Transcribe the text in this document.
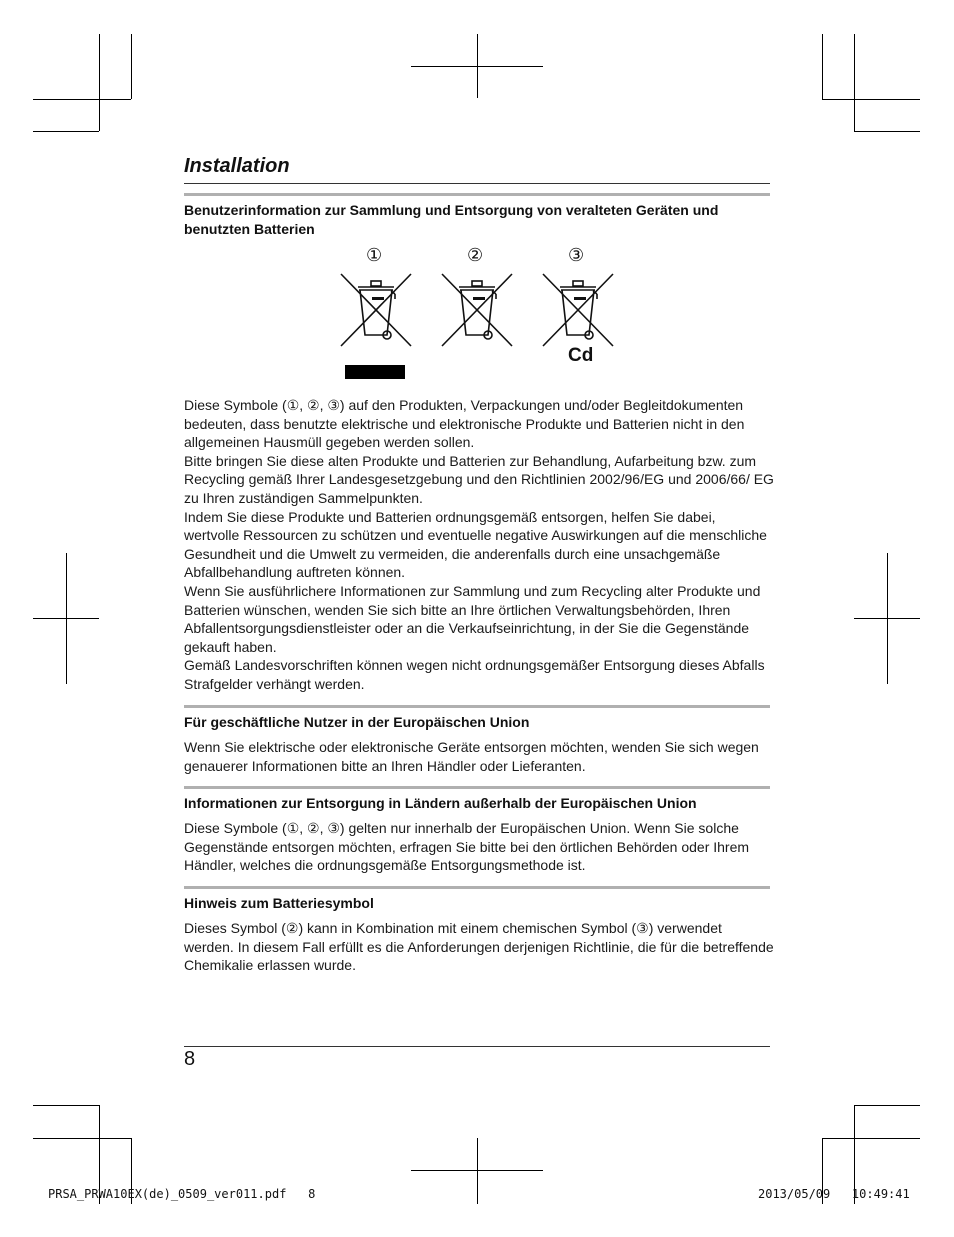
Installation
Benutzerinformation zur Sammlung und Entsorgung von veralteten Geräten und benutzten Batterien
①	②	③
Cd

Diese Symbole (①, ②, ③) auf den Produkten, Verpackungen und/oder Begleitdokumenten bedeuten, dass benutzte elektrische und elektronische Produkte und Batterien nicht in den allgemeinen Hausmüll gegeben werden sollen.

Bitte bringen Sie diese alten Produkte und Batterien zur Behandlung, Aufarbeitung bzw. zum Recycling gemäß Ihrer Landesgesetzgebung und den Richtlinien 2002/96/EG und 2006/66/ EG zu Ihren zuständigen Sammelpunkten.

Indem Sie diese Produkte und Batterien ordnungsgemäß entsorgen, helfen Sie dabei, wertvolle Ressourcen zu schützen und eventuelle negative Auswirkungen auf die menschliche Gesundheit und die Umwelt zu vermeiden, die anderenfalls durch eine unsachgemäße Abfallbehandlung auftreten können.

Wenn Sie ausführlichere Informationen zur Sammlung und zum Recycling alter Produkte und Batterien wünschen, wenden Sie sich bitte an Ihre örtlichen Verwaltungsbehörden, Ihren Abfallentsorgungsdienstleister oder an die Verkaufseinrichtung, in der Sie die Gegenstände gekauft haben.

Gemäß Landesvorschriften können wegen nicht ordnungsgemäßer Entsorgung dieses Abfalls Strafgelder verhängt werden.

Für geschäftliche Nutzer in der Europäischen Union

Wenn Sie elektrische oder elektronische Geräte entsorgen möchten, wenden Sie sich wegen genauerer Informationen bitte an Ihren Händler oder Lieferanten.

Informationen zur Entsorgung in Ländern außerhalb der Europäischen Union

Diese Symbole (①, ②, ③) gelten nur innerhalb der Europäischen Union. Wenn Sie solche Gegenstände entsorgen möchten, erfragen Sie bitte bei den örtlichen Behörden oder Ihrem Händler, welches die ordnungsgemäße Entsorgungsmethode ist.

Hinweis zum Batteriesymbol

Dieses Symbol (②) kann in Kombination mit einem chemischen Symbol (③) verwendet werden. In diesem Fall erfüllt es die Anforderungen derjenigen Richtlinie, die für die betreffende Chemikalie erlassen wurde.

8
PRSA_PRWA10EX(de)_0509_ver011.pdf   8	2013/05/09   10:49:41
